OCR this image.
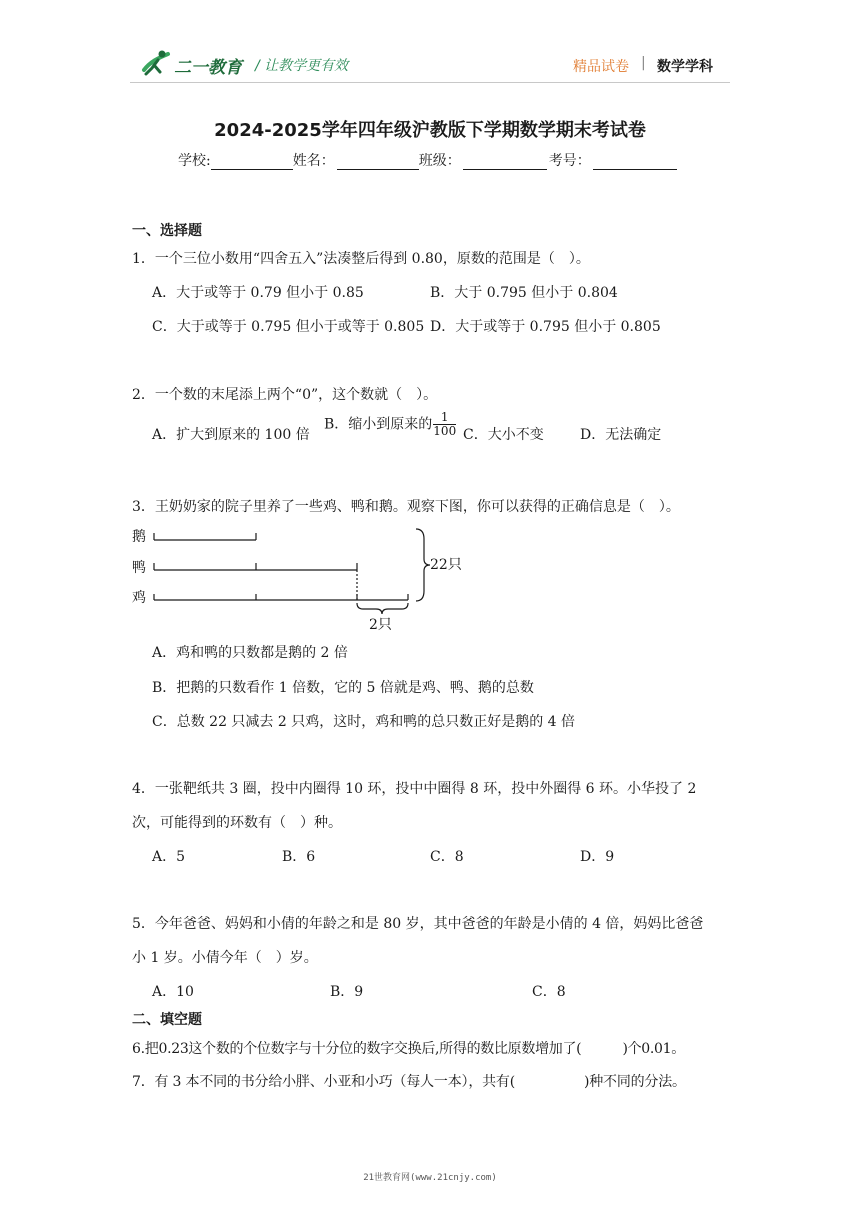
二一教育 / 让教学更有效	精品试卷 | 数学学科
2024-2025学年四年级沪教版下学期数学期末考试卷
学校:	姓名：	班级：	考号：
一、选择题
1．一个三位小数用“四舍五入”法凑整后得到 0.80，原数的范围是（　）。
A．大于或等于 0.79 但小于 0.85	B．大于 0.795 但小于 0.804
C．大于或等于 0.795 但小于或等于 0.805 D．大于或等于 0.795 但小于 0.805
2．一个数的末尾添上两个“0”，这个数就（　）。
A．扩大到原来的 100 倍
B．缩小到原来的 $\frac{1}{100}$ C．大小不变	D．无法确定
3．王奶奶家的院子里养了一些鸡、鸭和鹅。观察下图，你可以获得的正确信息是（　）。
鹅
鸭
鸡
22只
2只
A．鸡和鸭的只数都是鹅的 2 倍
B．把鹅的只数看作 1 倍数，它的 5 倍就是鸡、鸭、鹅的总数
C．总数 22 只减去 2 只鸡，这时，鸡和鸭的总只数正好是鹅的 4 倍
4．一张靶纸共 3 圈，投中内圈得 10 环，投中中圈得 8 环，投中外圈得 6 环。小华投了 2
次，可能得到的环数有（　）种。
A．5	B．6	C．8	D．9
5．今年爸爸、妈妈和小倩的年龄之和是 80 岁，其中爸爸的年龄是小倩的 4 倍，妈妈比爸爸
小 1 岁。小倩今年（　）岁。
A．10	B．9	C．8
二、填空题
6.把0.23这个数的个位数字与十分位的数字交换后,所得的数比原数增加了(　　　)个0.01。
7．有 3 本不同的书分给小胖、小亚和小巧（每人一本），共有(　　　　　)种不同的分法。
21世教育网(www.21cnjy.com)
